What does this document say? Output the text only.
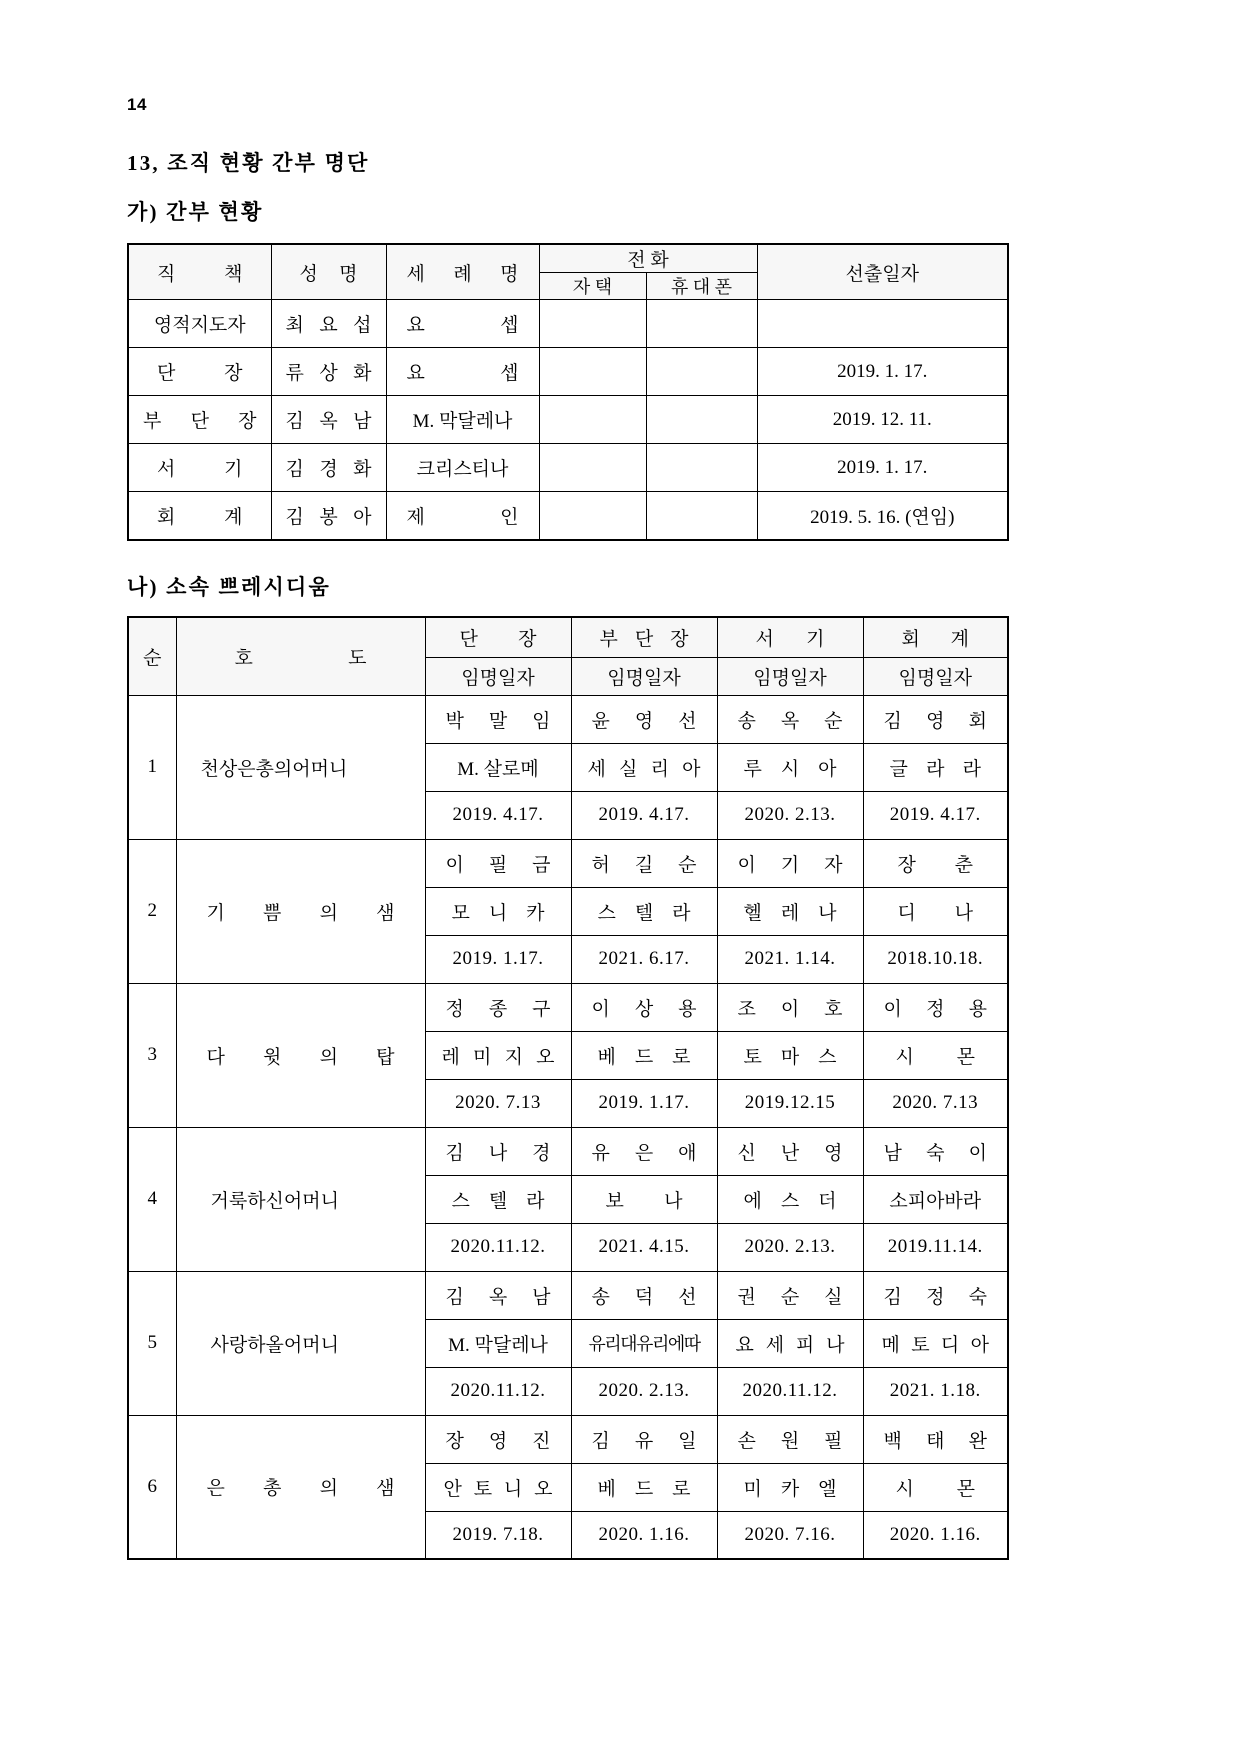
14
13, 조직 현황 간부 명단
가) 간부 현황
직 책	성 명	세 례 명	전 화		선출일자

			자 택	휴 대 폰	

영적지도자	최 요 섭	요 셉			

단 장	류 상 화	요 셉			2019. 1. 17.

부 단 장	김 옥 남	M. 막달레나			2019. 12. 11.

서 기	김 경 화	크리스티나			2019. 1. 17.

회 계	김 봉 아	제 인			2019. 5. 16. (연임)
나) 소속 쁘레시디움
순	호 도	단 장	부 단 장	서 기	회 계

		임명일자	임명일자	임명일자	임명일자

1	천상은총의어머니	박 말 임	윤 영 선	송 옥 순	김 영 회

		M. 살로메	세 실 리 아	루 시 아	글 라 라

		2019. 4.17.	2019. 4.17.	2020. 2.13.	2019. 4.17.

2	기 쁨 의 샘	이 필 금	허 길 순	이 기 자	장 춘

		모 니 카	스 텔 라	헬 레 나	디 나

		2019. 1.17.	2021. 6.17.	2021. 1.14.	2018.10.18.

3	다 윗 의 탑	정 종 구	이 상 용	조 이 호	이 정 용

		레 미 지 오	베 드 로	토 마 스	시 몬

		2020. 7.13	2019. 1.17.	2019.12.15	2020. 7.13

4	거룩하신어머니	김 나 경	유 은 애	신 난 영	남 숙 이

		스 텔 라	보 나	에 스 더	소피아바라

		2020.11.12.	2021. 4.15.	2020. 2.13.	2019.11.14.

5	사랑하올어머니	김 옥 남	송 덕 선	권 순 실	김 정 숙

		M. 막달레나	유리대유리에따	요 세 피 나	메 토 디 아

		2020.11.12.	2020. 2.13.	2020.11.12.	2021. 1.18.

6	은 총 의 샘	장 영 진	김 유 일	손 원 필	백 태 완

		안 토 니 오	베 드 로	미 카 엘	시 몬

		2019. 7.18.	2020. 1.16.	2020. 7.16.	2020. 1.16.
